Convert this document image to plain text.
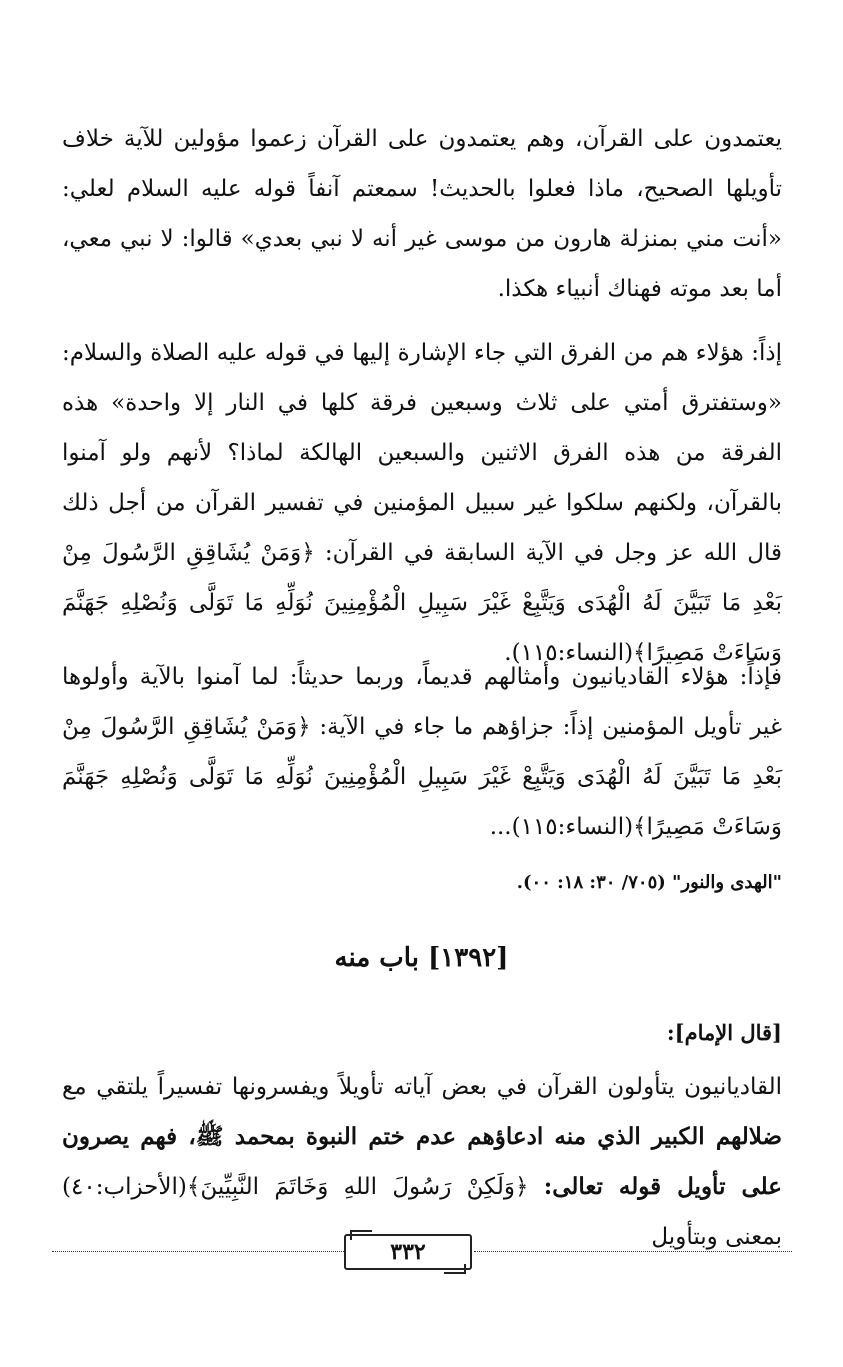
يعتمدون على القرآن، وهم يعتمدون على القرآن زعموا مؤولين للآية خلاف تأويلها الصحيح، ماذا فعلوا بالحديث! سمعتم آنفاً قوله عليه السلام لعلي: «أنت مني بمنزلة هارون من موسى غير أنه لا نبي بعدي» قالوا: لا نبي معي، أما بعد موته فهناك أنبياء هكذا.

إذاً: هؤلاء هم من الفرق التي جاء الإشارة إليها في قوله عليه الصلاة والسلام: «وستفترق أمتي على ثلاث وسبعين فرقة كلها في النار إلا واحدة» هذه الفرقة من هذه الفرق الاثنين والسبعين الهالكة لماذا؟ لأنهم ولو آمنوا بالقرآن، ولكنهم سلكوا غير سبيل المؤمنين في تفسير القرآن من أجل ذلك قال الله عز وجل في الآية السابقة في القرآن: ﴿وَمَنْ يُشَاقِقِ الرَّسُولَ مِنْ بَعْدِ مَا تَبَيَّنَ لَهُ الْهُدَى وَيَتَّبِعْ غَيْرَ سَبِيلِ الْمُؤْمِنِينَ نُوَلِّهِ مَا تَوَلَّى وَنُصْلِهِ جَهَنَّمَ وَسَاءَتْ مَصِيرًا﴾(النساء:١١٥).

فإذاً: هؤلاء القاديانيون وأمثالهم قديماً، وربما حديثاً: لما آمنوا بالآية وأولوها غير تأويل المؤمنين إذاً: جزاؤهم ما جاء في الآية: ﴿وَمَنْ يُشَاقِقِ الرَّسُولَ مِنْ بَعْدِ مَا تَبَيَّنَ لَهُ الْهُدَى وَيَتَّبِعْ غَيْرَ سَبِيلِ الْمُؤْمِنِينَ نُوَلِّهِ مَا تَوَلَّى وَنُصْلِهِ جَهَنَّمَ وَسَاءَتْ مَصِيرًا﴾(النساء:١١٥)...

"الهدى والنور" (٧٠٥/ ٣٠: ١٨: ٠٠).
[١٣٩٢] باب منه
[قال الإمام]:

القاديانيون يتأولون القرآن في بعض آياته تأويلاً ويفسرونها تفسيراً يلتقي مع ضلالهم الكبير الذي منه ادعاؤهم عدم ختم النبوة بمحمد ﷺ، فهم يصرون على تأويل قوله تعالى: ﴿وَلَكِنْ رَسُولَ اللهِ وَخَاتَمَ النَّبِيِّينَ﴾(الأحزاب:٤٠) بمعنى وبتأويل

٣٣٢
